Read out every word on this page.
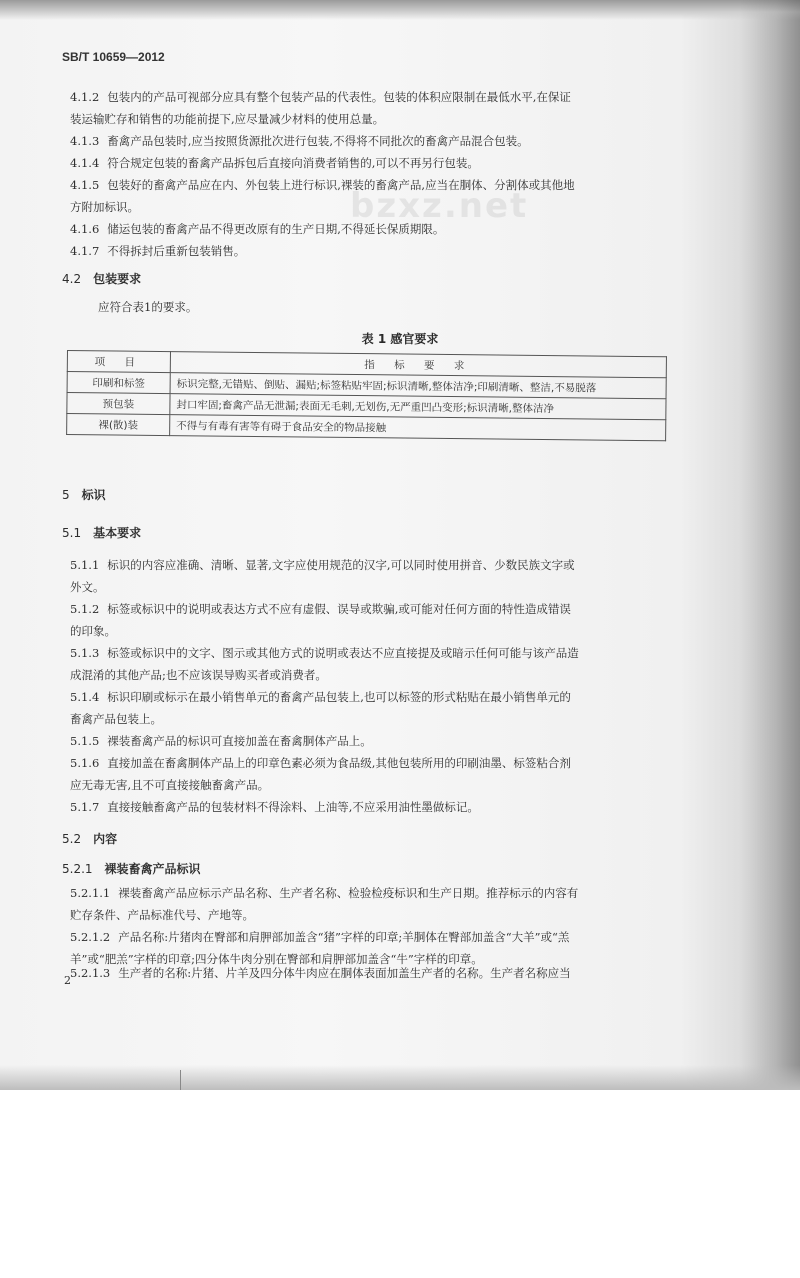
SB/T 10659—2012
bzxz.net
4.1.2 包装内的产品可视部分应具有整个包装产品的代表性。包装的体积应限制在最低水平,在保证
装运输贮存和销售的功能前提下,应尽量减少材料的使用总量。
4.1.3 畜禽产品包装时,应当按照货源批次进行包装,不得将不同批次的畜禽产品混合包装。
4.1.4 符合规定包装的畜禽产品拆包后直接向消费者销售的,可以不再另行包装。
4.1.5 包装好的畜禽产品应在内、外包装上进行标识,裸装的畜禽产品,应当在胴体、分割体或其他地
方附加标识。
4.1.6 储运包装的畜禽产品不得更改原有的生产日期,不得延长保质期限。
4.1.7 不得拆封后重新包装销售。
4.2 包装要求
应符合表1的要求。
表 1 感官要求
项 目	指 标 要 求
印刷和标签	标识完整,无错贴、倒贴、漏贴;标签粘贴牢固;标识清晰,整体洁净;印刷清晰、整洁,不易脱落
预包装	封口牢固;畜禽产品无泄漏;表面无毛刺,无划伤,无严重凹凸变形;标识清晰,整体洁净
裸(散)装	不得与有毒有害等有碍于食品安全的物品接触
5 标识
5.1 基本要求
5.1.1 标识的内容应准确、清晰、显著,文字应使用规范的汉字,可以同时使用拼音、少数民族文字或
外文。
5.1.2 标签或标识中的说明或表达方式不应有虚假、误导或欺骗,或可能对任何方面的特性造成错误
的印象。
5.1.3 标签或标识中的文字、图示或其他方式的说明或表达不应直接提及或暗示任何可能与该产品造
成混淆的其他产品;也不应该误导购买者或消费者。
5.1.4 标识印刷或标示在最小销售单元的畜禽产品包装上,也可以标签的形式粘贴在最小销售单元的
畜禽产品包装上。
5.1.5 裸装畜禽产品的标识可直接加盖在畜禽胴体产品上。
5.1.6 直接加盖在畜禽胴体产品上的印章色素必须为食品级,其他包装所用的印刷油墨、标签粘合剂
应无毒无害,且不可直接接触畜禽产品。
5.1.7 直接接触畜禽产品的包装材料不得涂料、上油等,不应采用油性墨做标记。
5.2 内容
5.2.1 裸装畜禽产品标识
5.2.1.1 裸装畜禽产品应标示产品名称、生产者名称、检验检疫标识和生产日期。推荐标示的内容有
贮存条件、产品标准代号、产地等。
5.2.1.2 产品名称:片猪肉在臀部和肩胛部加盖含“猪”字样的印章;羊胴体在臀部加盖含“大羊”或“羔
羊”或“肥羔”字样的印章;四分体牛肉分别在臀部和肩胛部加盖含“牛”字样的印章。
5.2.1.3 生产者的名称:片猪、片羊及四分体牛肉应在胴体表面加盖生产者的名称。生产者名称应当
2
